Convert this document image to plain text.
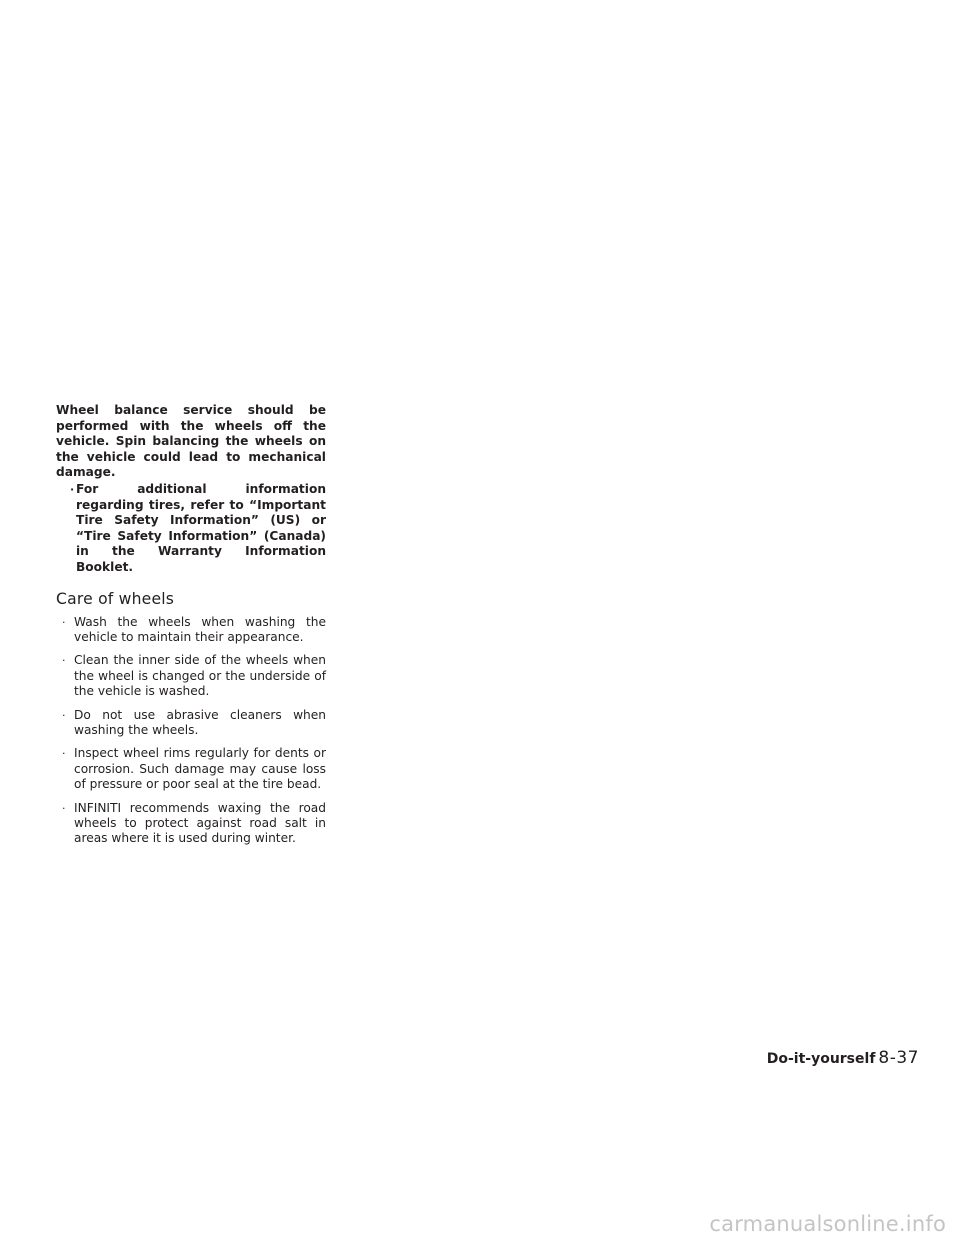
Wheel balance service should be performed with the wheels off the vehicle. Spin balancing the wheels on the vehicle could lead to mechanical damage.

· For additional information regarding tires, refer to “Important Tire Safety Information” (US) or “Tire Safety Information” (Canada) in the Warranty Information Booklet.
Care of wheels
· Wash the wheels when washing the vehicle to maintain their appearance.
· Clean the inner side of the wheels when the wheel is changed or the underside of the vehicle is washed.
· Do not use abrasive cleaners when washing the wheels.
· Inspect wheel rims regularly for dents or corrosion. Such damage may cause loss of pressure or poor seal at the tire bead.
· INFINITI recommends waxing the road wheels to protect against road salt in areas where it is used during winter.
Do-it-yourself 8-37
carmanualsonline.info
